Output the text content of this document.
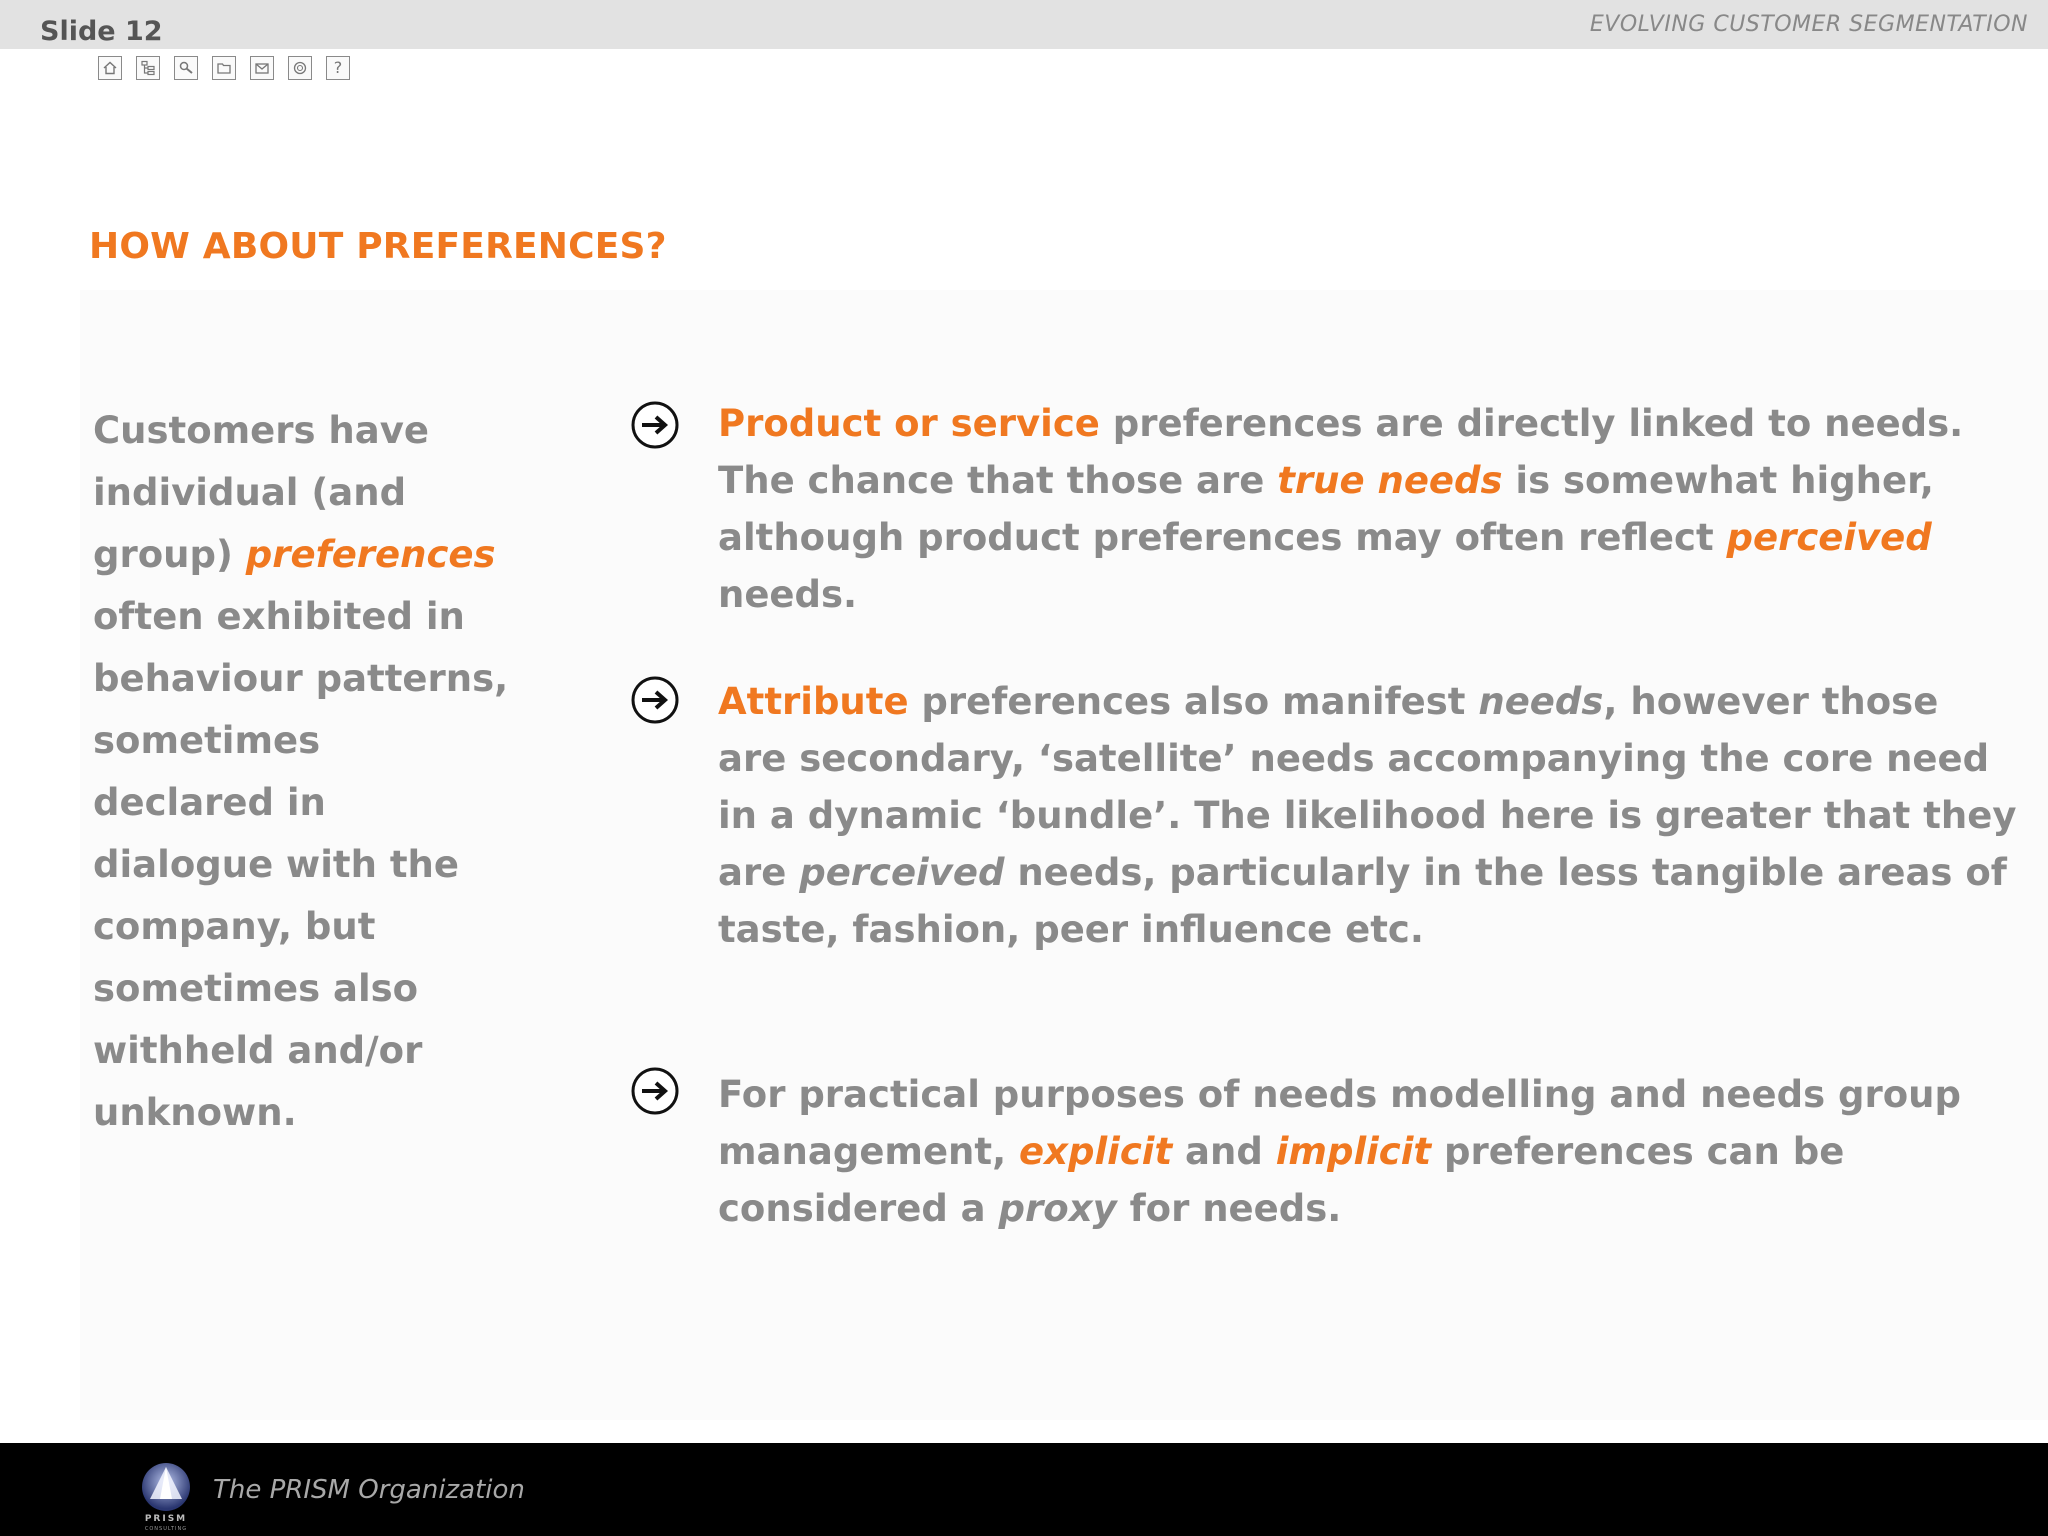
Slide 12	EVOLVING CUSTOMER SEGMENTATION
?
HOW ABOUT PREFERENCES?
Customers have individual (and group) preferences often exhibited in behaviour patterns, sometimes declared in dialogue with the company, but sometimes also withheld and/or unknown.
Product or service preferences are directly linked to needs. The chance that those are true needs is somewhat higher, although product preferences may often reflect perceived needs.
Attribute preferences also manifest needs, however those are secondary, ‘satellite’ needs accompanying the core need in a dynamic ‘bundle’. The likelihood here is greater that they are perceived needs, particularly in the less tangible areas of taste, fashion, peer influence etc.
For practical purposes of needs modelling and needs group management, explicit and implicit preferences can be considered a proxy for needs.
PRISM
CONSULTING
The PRISM Organization
